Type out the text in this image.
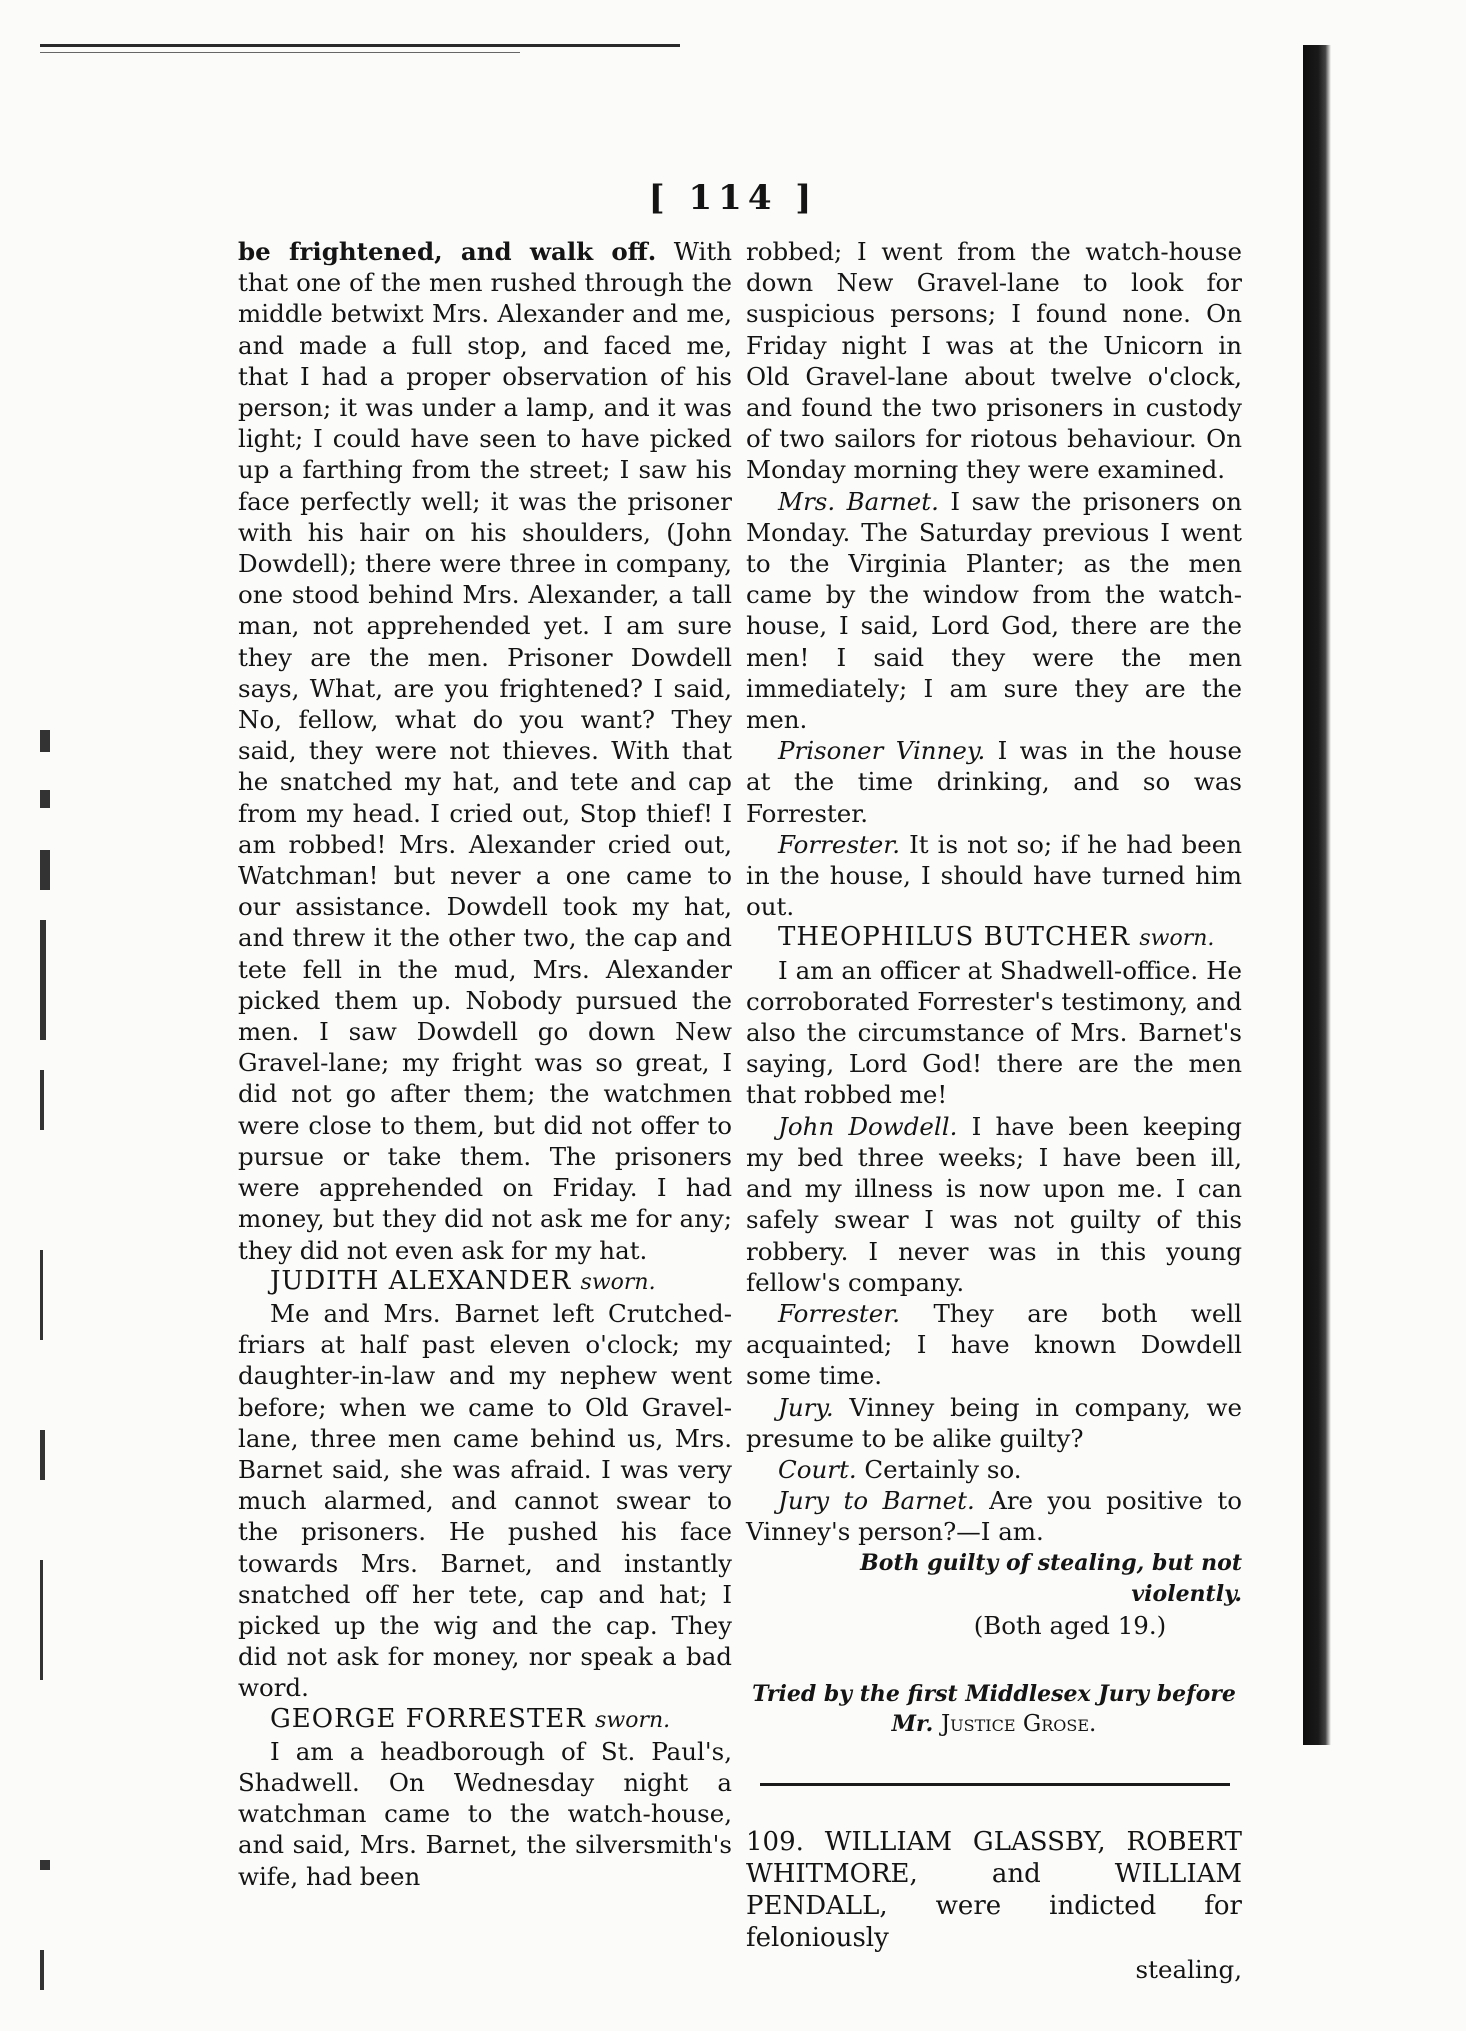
[ 114 ]

be frightened, and walk off. With that one of the men rushed through the middle betwixt Mrs. Alexander and me, and made a full stop, and faced me, that I had a proper observation of his person; it was under a lamp, and it was light; I could have seen to have picked up a farthing from the street; I saw his face perfectly well; it was the prisoner with his hair on his shoulders, (John Dowdell); there were three in company, one stood behind Mrs. Alexander, a tall man, not apprehended yet. I am sure they are the men. Prisoner Dowdell says, What, are you frightened? I said, No, fellow, what do you want? They said, they were not thieves. With that he snatched my hat, and tete and cap from my head. I cried out, Stop thief! I am robbed! Mrs. Alexander cried out, Watchman! but never a one came to our assistance. Dowdell took my hat, and threw it the other two, the cap and tete fell in the mud, Mrs. Alexander picked them up. Nobody pursued the men. I saw Dowdell go down New Gravel-lane; my fright was so great, I did not go after them; the watchmen were close to them, but did not offer to pursue or take them. The prisoners were apprehended on Friday. I had money, but they did not ask me for any; they did not even ask for my hat.

JUDITH ALEXANDER sworn.

Me and Mrs. Barnet left Crutched-friars at half past eleven o'clock; my daughter-in-law and my nephew went before; when we came to Old Gravel-lane, three men came behind us, Mrs. Barnet said, she was afraid. I was very much alarmed, and cannot swear to the prisoners. He pushed his face towards Mrs. Barnet, and instantly snatched off her tete, cap and hat; I picked up the wig and the cap. They did not ask for money, nor speak a bad word.

GEORGE FORRESTER sworn.

I am a headborough of St. Paul's, Shadwell. On Wednesday night a watchman came to the watch-house, and said, Mrs. Barnet, the silversmith's wife, had been

robbed; I went from the watch-house down New Gravel-lane to look for suspicious persons; I found none. On Friday night I was at the Unicorn in Old Gravel-lane about twelve o'clock, and found the two prisoners in custody of two sailors for riotous behaviour. On Monday morning they were examined.

Mrs. Barnet. I saw the prisoners on Monday. The Saturday previous I went to the Virginia Planter; as the men came by the window from the watch-house, I said, Lord God, there are the men! I said they were the men immediately; I am sure they are the men.

Prisoner Vinney. I was in the house at the time drinking, and so was Forrester.

Forrester. It is not so; if he had been in the house, I should have turned him out.

THEOPHILUS BUTCHER sworn.

I am an officer at Shadwell-office. He corroborated Forrester's testimony, and also the circumstance of Mrs. Barnet's saying, Lord God! there are the men that robbed me!

John Dowdell. I have been keeping my bed three weeks; I have been ill, and my illness is now upon me. I can safely swear I was not guilty of this robbery. I never was in this young fellow's company.

Forrester. They are both well acquainted; I have known Dowdell some time.

Jury. Vinney being in company, we presume to be alike guilty?

Court. Certainly so.

Jury to Barnet. Are you positive to Vinney's person?—I am.

Both guilty of stealing, but not violently.

(Both aged 19.)

Tried by the first Middlesex Jury before
Mr. Justice Grose.

109. WILLIAM GLASSBY, ROBERT WHITMORE, and WILLIAM PENDALL, were indicted for feloniously

stealing,
